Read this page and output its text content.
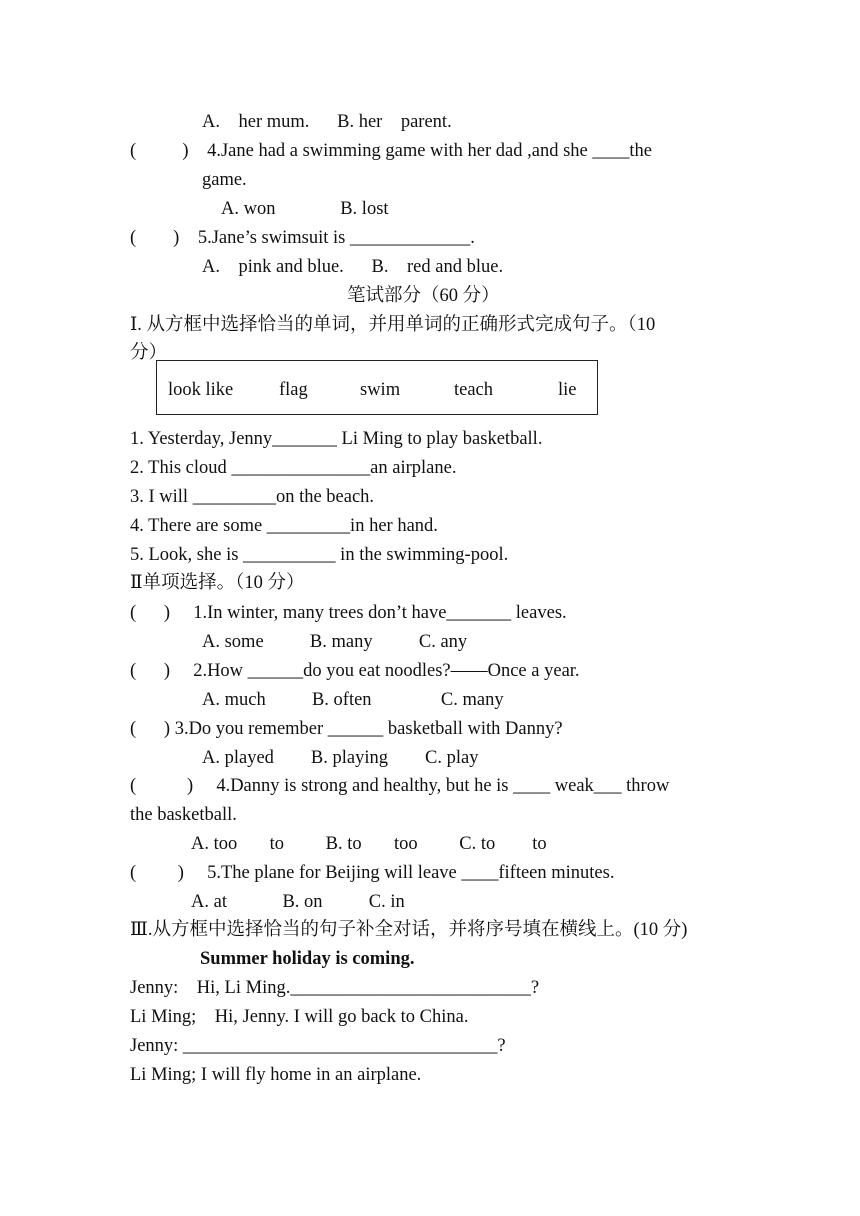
A.    her mum.      B. her    parent.
(          )    4.Jane had a swimming game with her dad ,and she ____the
game.
A. won              B. lost
(        )    5.Jane’s swimsuit is _____________.
A.    pink and blue.      B.    red and blue.
笔试部分（60 分）
Ⅰ. 从方框中选择恰当的单词，并用单词的正确形式完成句子。（10
分）
look like flag	swim	teach	lie
1. Yesterday, Jenny_______ Li Ming to play basketball.
2. This cloud _______________an airplane.
3. I will _________on the beach.
4. There are some _________in her hand.
5. Look, she is __________ in the swimming-pool.
Ⅱ单项选择。（10 分）
(      )     1.In winter, many trees don’t have_______ leaves.
A. some          B. many          C. any
(      )     2.How ______do you eat noodles?——Once a year.
A. much          B. often               C. many
(      ) 3.Do you remember ______ basketball with Danny?
A. played        B. playing        C. play
(           )     4.Danny is strong and healthy, but he is ____ weak___ throw
the basketball.
A. too       to         B. to       too         C. to        to
(         )     5.The plane for Beijing will leave ____fifteen minutes.
A. at            B. on          C. in
Ⅲ.从方框中选择恰当的句子补全对话，并将序号填在横线上。(10 分)
Summer holiday is coming.
Jenny:    Hi, Li Ming.__________________________?
Li Ming;    Hi, Jenny. I will go back to China.
Jenny: __________________________________?
Li Ming; I will fly home in an airplane.
